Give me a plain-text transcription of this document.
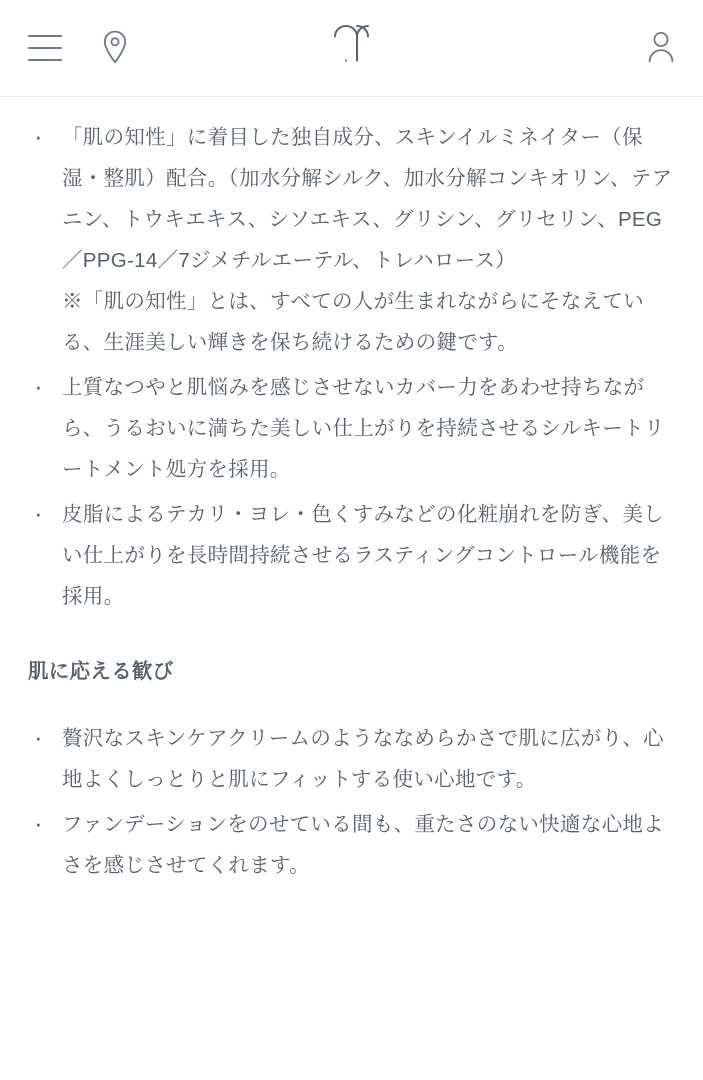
· 「肌の知性」に着目した独自成分、スキンイルミネイター（保湿・整肌）配合。（加水分解シルク、加水分解コンキオリン、テアニン、トウキエキス、シソエキス、グリシン、グリセリン、PEG／PPG-14／7ジメチルエーテル、トレハロース）
※「肌の知性」とは、すべての人が生まれながらにそなえている、生涯美しい輝きを保ち続けるための鍵です。
· 上質なつやと肌悩みを感じさせないカバー力をあわせ持ちながら、うるおいに満ちた美しい仕上がりを持続させるシルキートリートメント処方を採用。
· 皮脂によるテカリ・ヨレ・色くすみなどの化粧崩れを防ぎ、美しい仕上がりを長時間持続させるラスティングコントロール機能を採用。
肌に応える歓び
· 贅沢なスキンケアクリームのようななめらかさで肌に広がり、心地よくしっとりと肌にフィットする使い心地です。
· ファンデーションをのせている間も、重たさのない快適な心地よさを感じさせてくれます。
